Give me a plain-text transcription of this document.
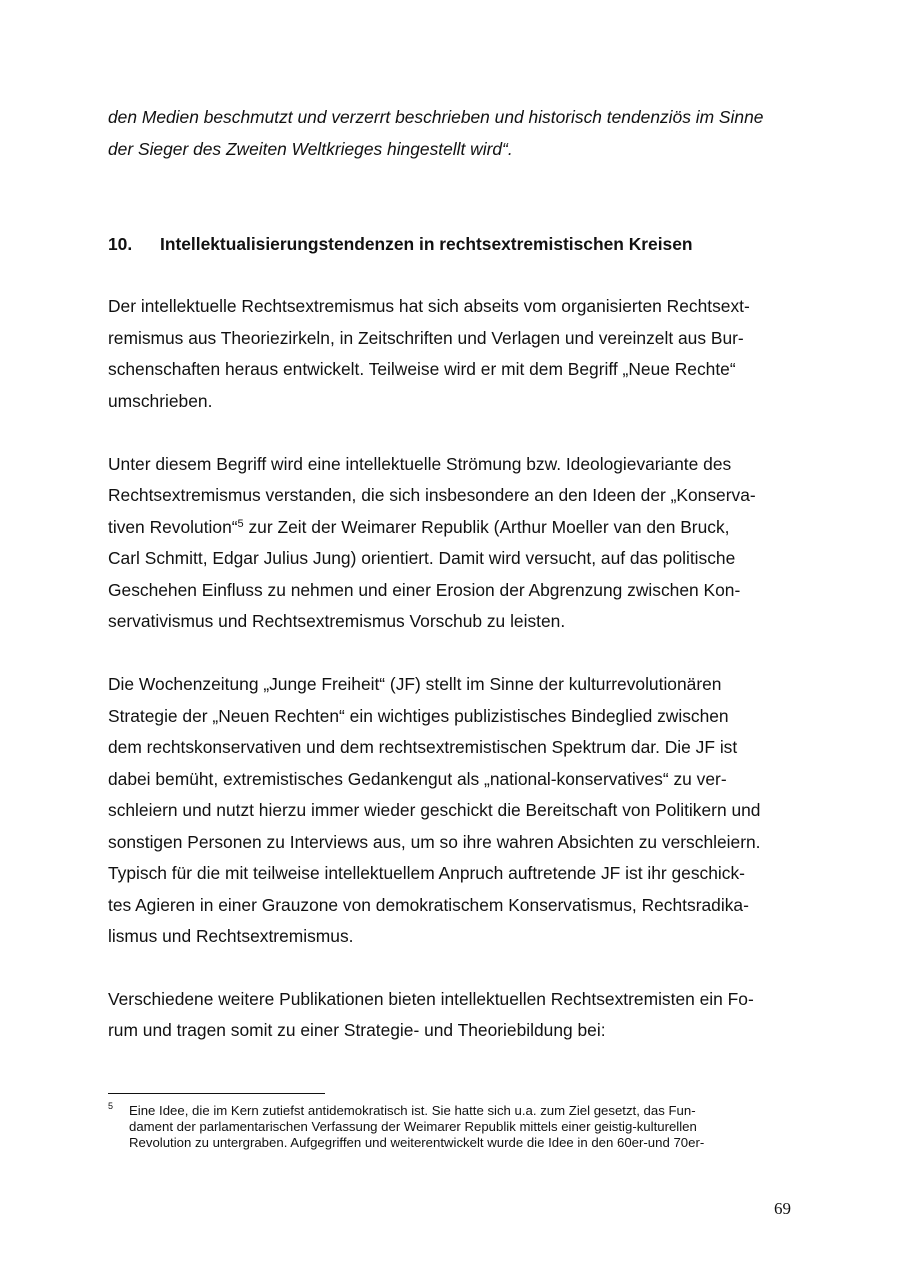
den Medien beschmutzt und verzerrt beschrieben und historisch tendenziös im Sinne
der Sieger des Zweiten Weltkrieges hingestellt wird“.
10. Intellektualisierungstendenzen in rechtsextremistischen Kreisen
Der intellektuelle Rechtsextremismus hat sich abseits vom organisierten Rechtsext-
remismus aus Theoriezirkeln, in Zeitschriften und Verlagen und vereinzelt aus Bur-
schenschaften heraus entwickelt. Teilweise wird er mit dem Begriff „Neue Rechte“
umschrieben.
Unter diesem Begriff wird eine intellektuelle Strömung bzw. Ideologievariante des
Rechtsextremismus verstanden, die sich insbesondere an den Ideen der „Konserva-
tiven Revolution“$^5$ zur Zeit der Weimarer Republik (Arthur Moeller van den Bruck,
Carl Schmitt, Edgar Julius Jung) orientiert. Damit wird versucht, auf das politische
Geschehen Einfluss zu nehmen und einer Erosion der Abgrenzung zwischen Kon-
servativismus und Rechtsextremismus Vorschub zu leisten.
Die Wochenzeitung „Junge Freiheit“ (JF) stellt im Sinne der kulturrevolutionären
Strategie der „Neuen Rechten“ ein wichtiges publizistisches Bindeglied zwischen
dem rechtskonservativen und dem rechtsextremistischen Spektrum dar. Die JF ist
dabei bemüht, extremistisches Gedankengut als „national-konservatives“ zu ver-
schleiern und nutzt hierzu immer wieder geschickt die Bereitschaft von Politikern und
sonstigen Personen zu Interviews aus, um so ihre wahren Absichten zu verschleiern.
Typisch für die mit teilweise intellektuellem Anpruch auftretende JF ist ihr geschick-
tes Agieren in einer Grauzone von demokratischem Konservatismus, Rechtsradika-
lismus und Rechtsextremismus.
Verschiedene weitere Publikationen bieten intellektuellen Rechtsextremisten ein Fo-
rum und tragen somit zu einer Strategie- und Theoriebildung bei:
5 Eine Idee, die im Kern zutiefst antidemokratisch ist. Sie hatte sich u.a. zum Ziel gesetzt, das Fun-
dament der parlamentarischen Verfassung der Weimarer Republik mittels einer geistig-kulturellen
Revolution zu untergraben. Aufgegriffen und weiterentwickelt wurde die Idee in den 60er-und 70er-
69
